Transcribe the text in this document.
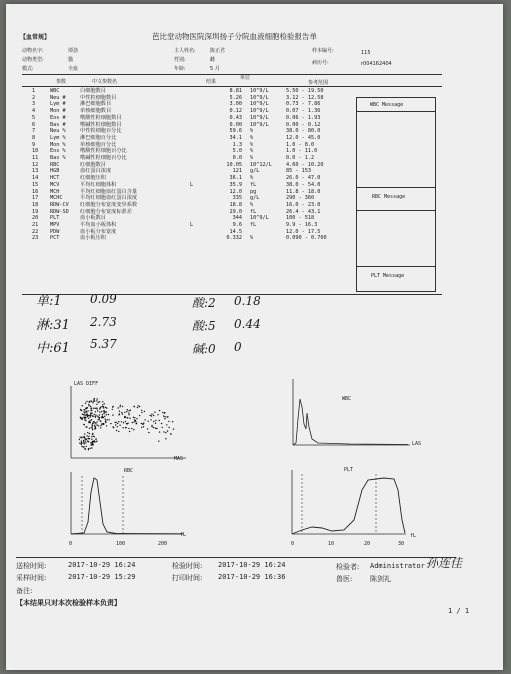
【血常规】	芭比堂动物医院深圳扬子分院血液细胞检验报告单
动物名字:	谭劲
动物类型:	猫
模式:	全血
主人姓名:	陈正君
性别:	雌
年龄:	5 月
样本编号:	115
病历号:	r004162404
参数	中文参数名	结果
单位
参考范围
1	WBC	白细胞数目		8.81	10^9/L	5.50 - 19.50
2	Neu #	中性粒细胞数目		5.26	10^9/L	3.12 - 12.58
3	Lym #	淋巴细胞数目		3.00	10^9/L	0.73 - 7.86
4	Mon #	单核细胞数目		0.12	10^9/L	0.07 - 1.36
5	Eos #	嗜酸性粒细胞数目		0.43	10^9/L	0.06 - 1.93
6	Bas #	嗜碱性粒细胞数目		0.00	10^9/L	0.00 - 0.12
7	Neu %	中性粒细胞百分比		59.6	%	38.0 - 80.0
8	Lym %	淋巴细胞百分比		34.1	%	12.0 - 45.0
9	Mon %	单核细胞百分比		1.3	%	1.0 - 8.0
10	Eos %	嗜酸性粒细胞百分比		5.0	%	1.0 - 11.0
11	Bas %	嗜碱性粒细胞百分比		0.0	%	0.0 - 1.2
12	RBC	红细胞数目		10.05	10^12/L	4.60 - 10.20
13	HGB	血红蛋白浓度		121	g/L	85 - 153
14	HCT	红细胞压积		36.1	%	26.0 - 47.0
15	MCV	平均红细胞体积	L	35.9	fL	38.0 - 54.0
16	MCH	平均红细胞血红蛋白含量		12.0	pg	11.8 - 18.0
17	MCHC	平均红细胞血红蛋白浓度		335	g/L	290 - 360
18	RDW-CV	红细胞分布宽度变异系数		18.8	%	16.0 - 23.0
19	RDW-SD	红细胞分布宽度标准差		29.0	fL	26.4 - 43.1
20	PLT	血小板数目		344	10^9/L	100 - 518
21	MPV	平均血小板体积	L	9.6	fL	9.9 - 16.3
22	PDW	血小板分布宽度		14.5		12.0 - 17.5
23	PCT	血小板压积		0.332	%	0.090 - 0.700
WBC Message
RBC Message
PLT Message
单:1 0.09
淋:31 2.73
中:61 5.37
酸:2 0.18
酸:5 0.44
碱:0 0
LAS DIFF
MAS
WBC
LAS
RBC
0	100	200
fL
PLT
0	10	20	30
fL
送检时间:	2017-10-29 16:24
采样时间:	2017-10-29 15:29
备注:
【本结果只对本次检验样本负责】
检验时间: 2017-10-29 16:24
打印时间: 2017-10-29 16:36
检验者: Administrator 孙连佳
兽医:	陈剑礼
1 / 1
